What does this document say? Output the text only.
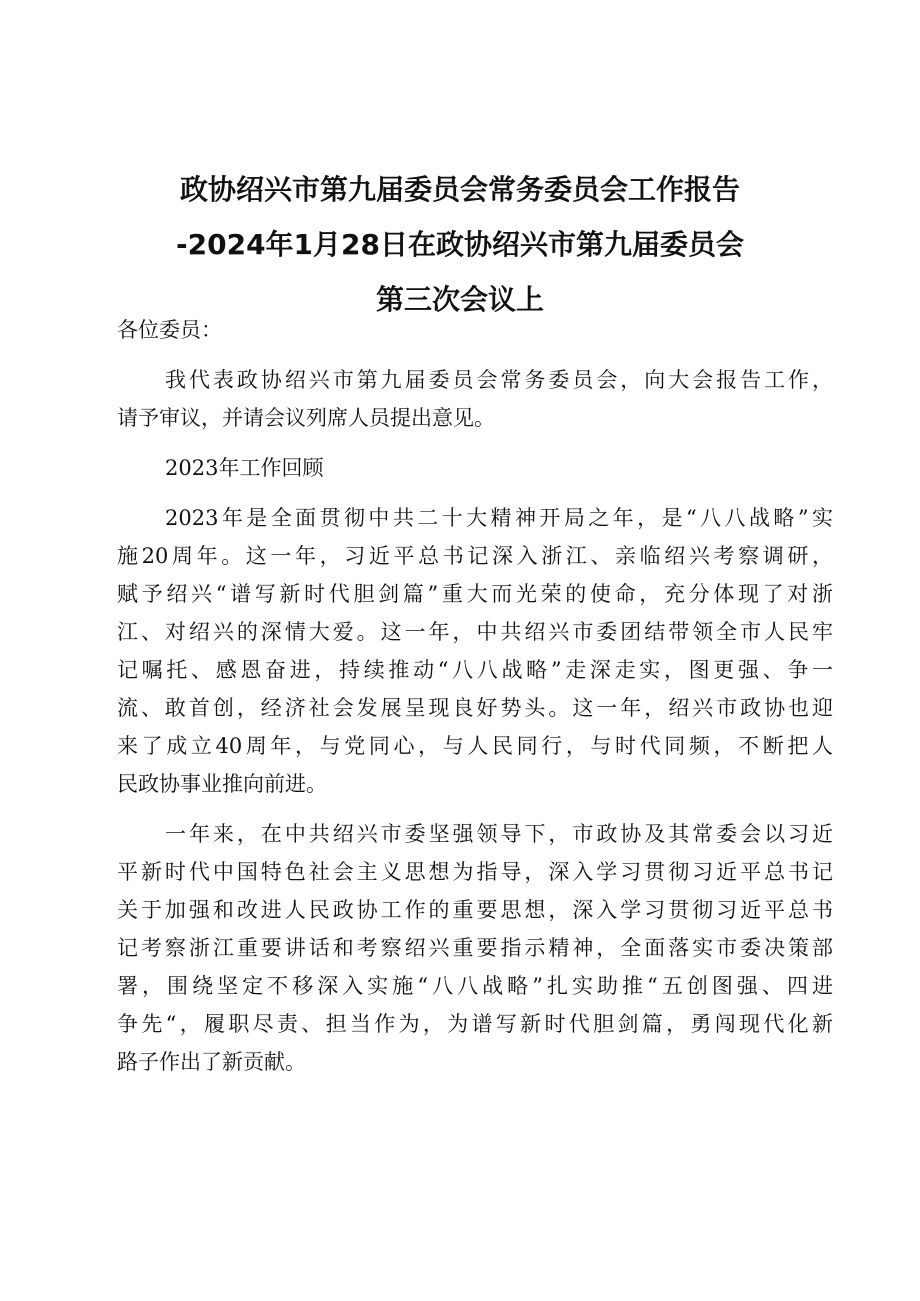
政协绍兴市第九届委员会常务委员会工作报告
-2024年1月28日在政协绍兴市第九届委员会
第三次会议上
各位委员：
我代表政协绍兴市第九届委员会常务委员会，向大会报告工作，
请予审议，并请会议列席人员提出意见。
2023年工作回顾
2023年是全面贯彻中共二十大精神开局之年，是“八八战略”实
施20周年。这一年，习近平总书记深入浙江、亲临绍兴考察调研，
赋予绍兴“谱写新时代胆剑篇”重大而光荣的使命，充分体现了对浙
江、对绍兴的深情大爱。这一年，中共绍兴市委团结带领全市人民牢
记嘱托、感恩奋进，持续推动“八八战略”走深走实，图更强、争一
流、敢首创，经济社会发展呈现良好势头。这一年，绍兴市政协也迎
来了成立40周年，与党同心，与人民同行，与时代同频，不断把人
民政协事业推向前进。
一年来，在中共绍兴市委坚强领导下，市政协及其常委会以习近
平新时代中国特色社会主义思想为指导，深入学习贯彻习近平总书记
关于加强和改进人民政协工作的重要思想，深入学习贯彻习近平总书
记考察浙江重要讲话和考察绍兴重要指示精神，全面落实市委决策部
署，围绕坚定不移深入实施“八八战略”扎实助推“五创图强、四进
争先“，履职尽责、担当作为，为谱写新时代胆剑篇，勇闯现代化新
路子作出了新贡献。
